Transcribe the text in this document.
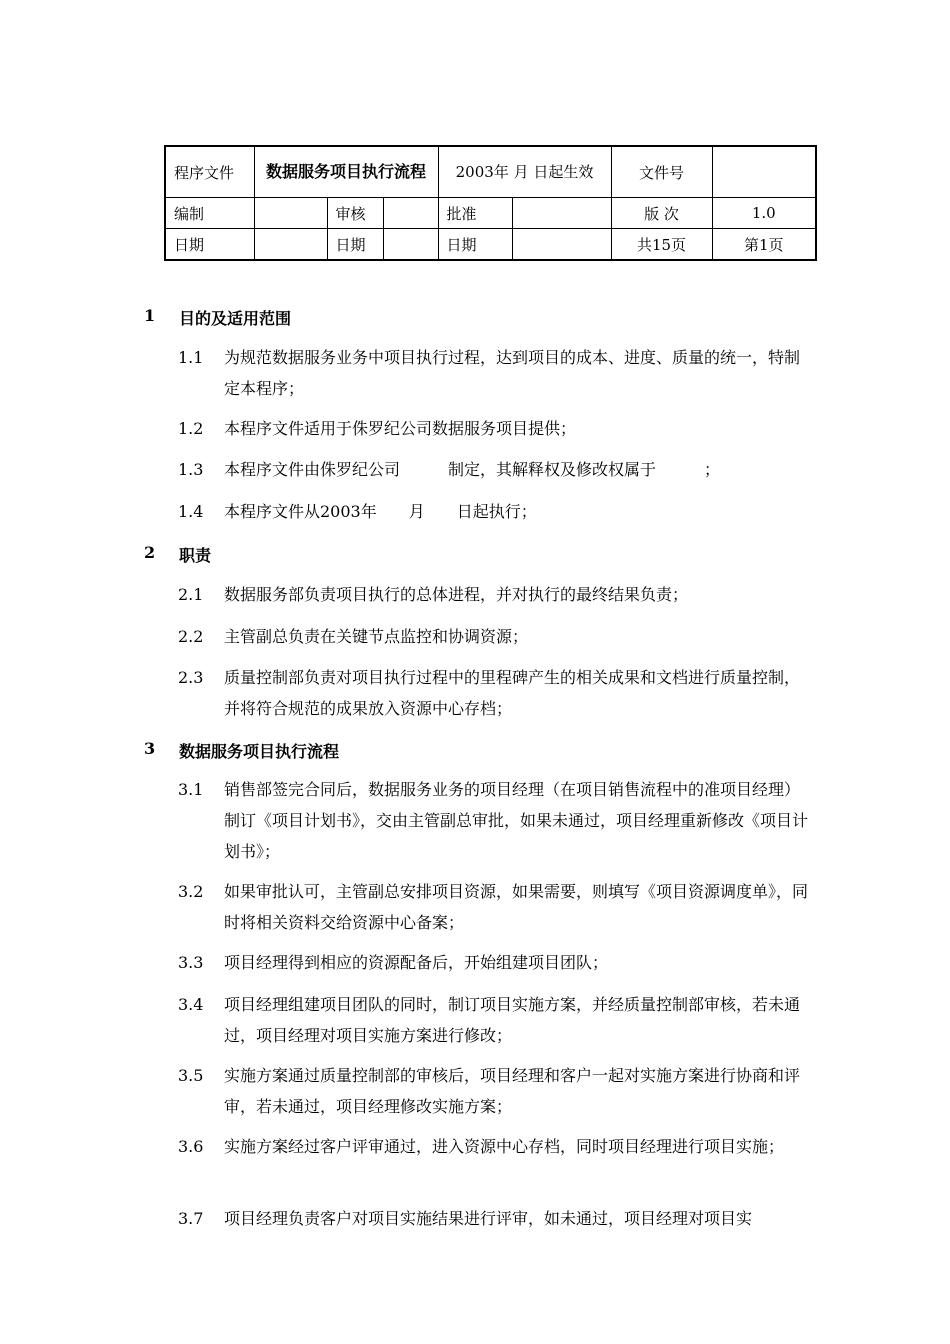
程序文件	数据服务项目执行流程			2003年 月 日起生效		文件号	
编制		审核		批准		版 次	1.0
日期		日期		日期		共15页	第1页
1 目的及适用范围
1.1 为规范数据服务业务中项目执行过程，达到项目的成本、进度、质量的统一，特制定本程序；
1.2 本程序文件适用于侏罗纪公司数据服务项目提供；
1.3 本程序文件由侏罗纪公司　　　制定，其解释权及修改权属于　　　；
1.4 本程序文件从2003年　　月　　日起执行；
2 职责
2.1 数据服务部负责项目执行的总体进程，并对执行的最终结果负责；
2.2 主管副总负责在关键节点监控和协调资源；
2.3 质量控制部负责对项目执行过程中的里程碑产生的相关成果和文档进行质量控制，并将符合规范的成果放入资源中心存档；
3 数据服务项目执行流程
3.1 销售部签完合同后，数据服务业务的项目经理（在项目销售流程中的准项目经理）制订《项目计划书》，交由主管副总审批，如果未通过，项目经理重新修改《项目计划书》；
3.2 如果审批认可，主管副总安排项目资源，如果需要，则填写《项目资源调度单》，同时将相关资料交给资源中心备案；
3.3 项目经理得到相应的资源配备后，开始组建项目团队；
3.4 项目经理组建项目团队的同时，制订项目实施方案，并经质量控制部审核，若未通过，项目经理对项目实施方案进行修改；
3.5 实施方案通过质量控制部的审核后，项目经理和客户一起对实施方案进行协商和评审，若未通过，项目经理修改实施方案；
3.6 实施方案经过客户评审通过，进入资源中心存档，同时项目经理进行项目实施；
3.7 项目经理负责客户对项目实施结果进行评审，如未通过，项目经理对项目实
